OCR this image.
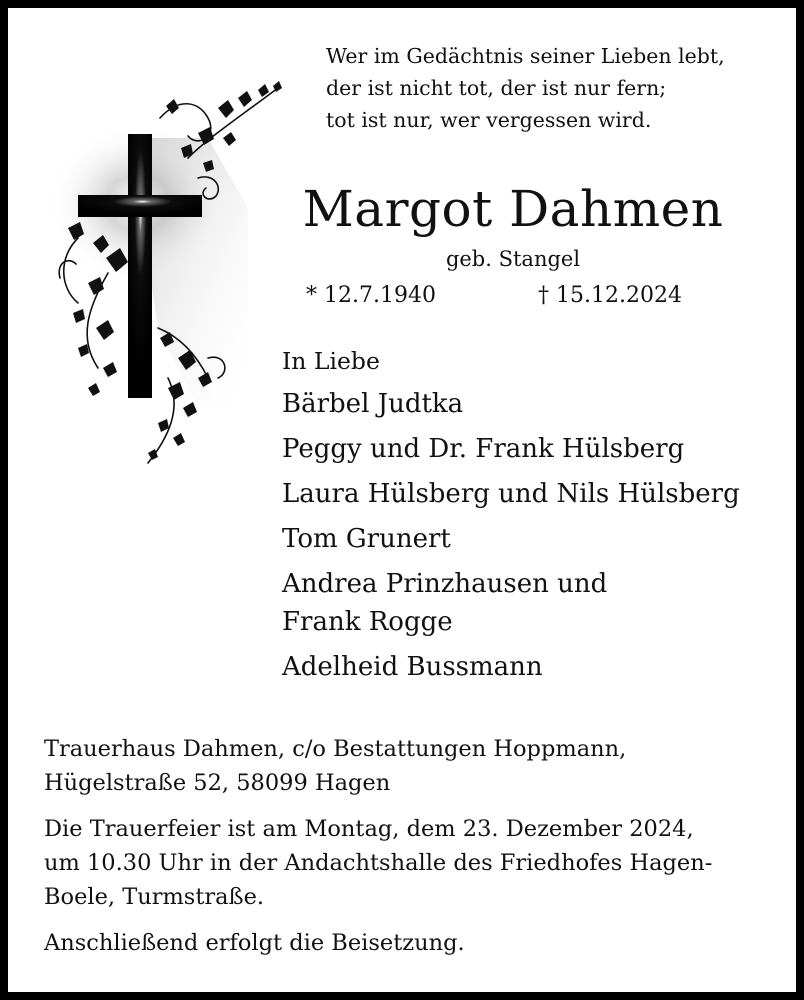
Wer im Gedächtnis seiner Lieben lebt,
der ist nicht tot, der ist nur fern;
tot ist nur, wer vergessen wird.
Margot Dahmen
geb. Stangel
* 12.7.1940	† 15.12.2024
In Liebe
Bärbel Judtka
Peggy und Dr. Frank Hülsberg
Laura Hülsberg und Nils Hülsberg
Tom Grunert
Andrea Prinzhausen und
Frank Rogge
Adelheid Bussmann
Trauerhaus Dahmen, c/o Bestattungen Hoppmann,
Hügelstraße 52, 58099 Hagen
Die Trauerfeier ist am Montag, dem 23. Dezember 2024,
um 10.30 Uhr in der Andachtshalle des Friedhofes Hagen-
Boele, Turmstraße.
Anschließend erfolgt die Beisetzung.
